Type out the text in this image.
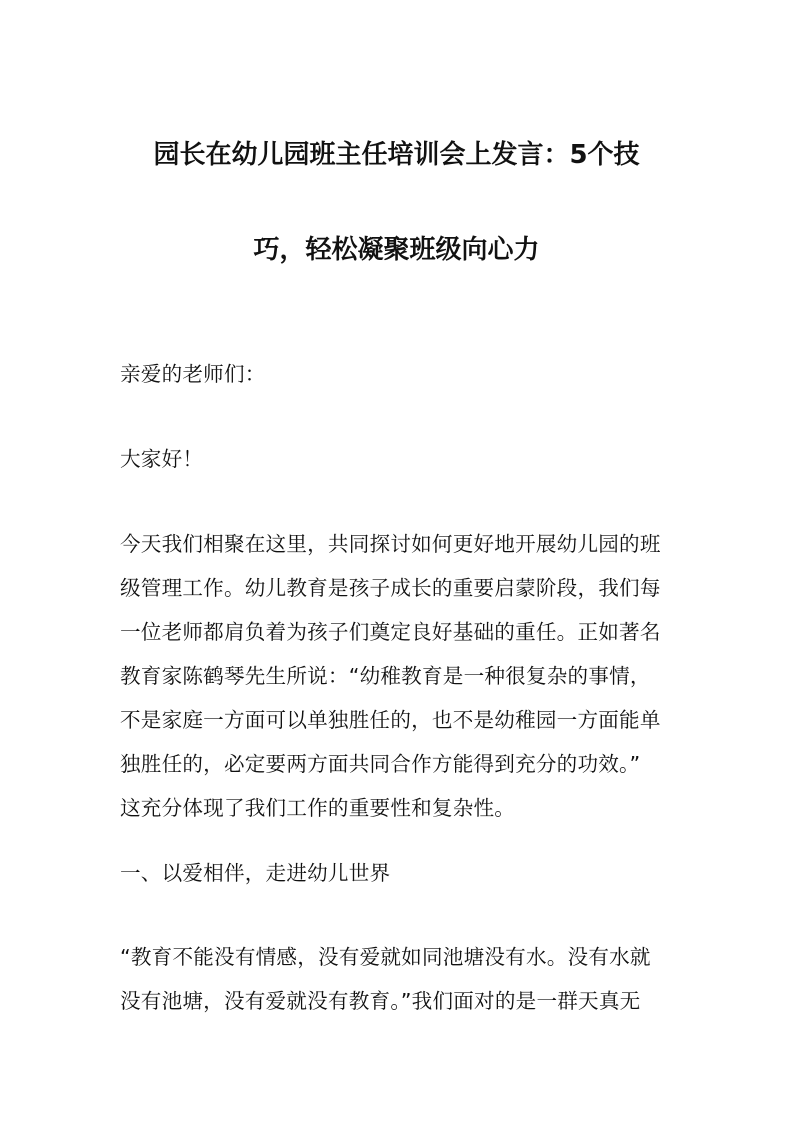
园长在幼儿园班主任培训会上发言：5个技
巧，轻松凝聚班级向心力
亲爱的老师们：
大家好！
今天我们相聚在这里，共同探讨如何更好地开展幼儿园的班
级管理工作。幼儿教育是孩子成长的重要启蒙阶段，我们每
一位老师都肩负着为孩子们奠定良好基础的重任。正如著名
教育家陈鹤琴先生所说：“幼稚教育是一种很复杂的事情，
不是家庭一方面可以单独胜任的，也不是幼稚园一方面能单
独胜任的，必定要两方面共同合作方能得到充分的功效。”
这充分体现了我们工作的重要性和复杂性。
一、以爱相伴，走进幼儿世界
“教育不能没有情感，没有爱就如同池塘没有水。没有水就
没有池塘，没有爱就没有教育。”我们面对的是一群天真无
